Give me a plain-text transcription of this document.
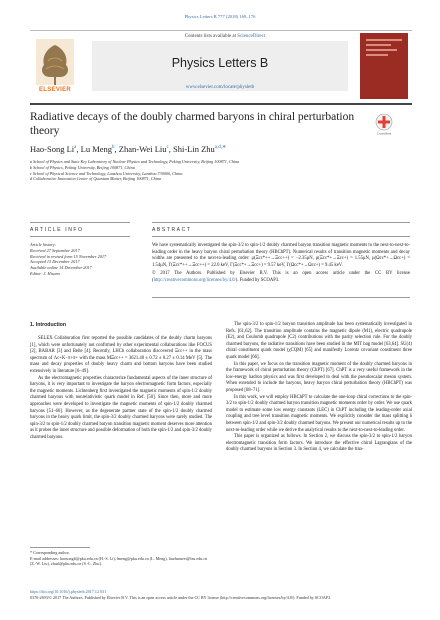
Physics Letters B 777 (2018) 169–176
ELSEVIER
Contents lists available at ScienceDirect
Physics Letters B
www.elsevier.com/locate/physletb
Radiative decays of the doubly charmed baryons in chiral perturbation theory	CrossMark
Hao-Song Li$^a$, Lu Meng$^b$, Zhan-Wei Liu$^c$, Shi-Lin Zhu$^{a,d,∗}$
a School of Physics and State Key Laboratory of Nuclear Physics and Technology, Peking University, Beijing 100871, China
b School of Physics, Peking University, Beijing 100871, China
c School of Physical Science and Technology, Lanzhou University, Lanzhou 730000, China
d Collaborative Innovation Center of Quantum Matter, Beijing 100871, China
ARTICLE INFO
Article history:
Received 27 September 2017
Received in revised form 15 November 2017
Accepted 13 December 2017
Available online 14 December 2017
Editor: J. Hisano
ABSTRACT
We have systematically investigated the spin-3/2 to spin-1/2 doubly charmed baryon transition magnetic moments to the next-to-next-to-leading order in the heavy baryon chiral perturbation theory (HBChPT). Numerical results of transition magnetic moments and decay widths are presented to the next-to-leading order: μ(Ξcc*++→Ξcc++) = −2.35μN, μ(Ξcc*+→Ξcc+) = 1.55μN, μ(Ωcc*+→Ωcc+) = 1.54μN, Γ(Ξcc*++→Ξcc++) = 22.0 keV, Γ(Ξcc*+→Ξcc+) = 9.57 keV, Γ(Ωcc*+→Ωcc+) = 9.45 keV.
© 2017 The Authors. Published by Elsevier B.V. This is an open access article under the CC BY license (http://creativecommons.org/licenses/by/4.0/). Funded by SCOAP3.
1. Introduction

SELEX Collaboration first reported the possible candidates of the doubly charm baryons [1], which were unfortunately not confirmed by other experimental collaborations like FOCUS [2], BABAR [3] and Belle [4]. Recently, LHCb collaboration discovered Ξcc++ in the mass spectrum of Λc+K−π+π+ with the mass MΞcc++ = 3621.40 ± 0.72 ± 0.27 ± 0.14 MeV [5]. The mass and decay properties of doubly heavy charm and bottom baryons have been studied extensively in literature [6–49].

As the electromagnetic properties characterize fundamental aspects of the inner structure of baryons, it is very important to investigate the baryon electromagnetic form factors, especially the magnetic moments. Lichtenberg first investigated the magnetic moments of spin-1/2 doubly charmed baryons with nonrelativistic quark model in Ref. [50]. Since then, more and more approaches were developed to investigate the magnetic moments of spin-1/2 doubly charmed baryons [51–60]. However, as the degenerate partner state of the spin-1/2 doubly charmed baryons in the heavy quark limit, the spin-3/2 doubly charmed baryons were rarely studied. The spin-3/2 to spin-1/2 doubly charmed baryon transition magnetic moment deserves more attention as it probes the inner structure and possible deformation of both the spin-1/2 and spin-3/2 doubly charmed baryons.

The spin-3/2 to spin-1/2 baryon transition amplitude has been systematically investigated in Refs. [61,62]. The transition amplitude contains the magnetic dipole (M1), electric quadrupole (E2), and Coulomb quadrupole (C2) contributions with the parity selection rule. For the doubly charmed baryons, the radiative transitions have been studied in the MIT bag model [63,64]. SU(4) chiral constituent quark model (χCQM) [65] and manifestly Lorentz covariant constituent three quark model [66].

In this paper, we focus on the transition magnetic moment of the doubly charmed baryons in the framework of chiral perturbation theory (ChPT) [67]. ChPT is a very useful framework in the low-energy hadron physics and was first developed to deal with the pseudoscalar meson system. When extended to include the baryons, heavy baryon chiral perturbation theory (HBChPT) was proposed [68–71].

In this work, we will employ HBChPT to calculate the one-loop chiral corrections to the spin-3/2 to spin-1/2 doubly charmed baryon transition magnetic moments order by order. We use quark model to estimate some low energy constants (LEC) in ChPT including the leading-order axial coupling and tree level transition magnetic moments. We explicitly consider the mass splitting δ between spin-1/2 and spin-3/2 doubly charmed baryons. We present our numerical results up to the next-to-leading order while we derive the analytical results to the next-to-next-to-leading order.

This paper is organized as follows. In Section 2, we discuss the spin-3/2 to spin-1/2 baryon electromagnetic transition form factors. We introduce the effective chiral Lagrangians of the doubly charmed baryons in Section 3. In Section 4, we calculate the tran-

* Corresponding author.
E-mail addresses: haosongli@pku.edu.cn (H.-S. Li), lmeng@pku.edu.cn (L. Meng), liuzhanwei@lzu.edu.cn (Z.-W. Liu), zhusl@pku.edu.cn (S.-L. Zhu).
https://doi.org/10.1016/j.physletb.2017.12.031
0370-2693/© 2017 The Authors. Published by Elsevier B.V. This is an open access article under the CC BY license (http://creativecommons.org/licenses/by/4.0/). Funded by SCOAP3.
